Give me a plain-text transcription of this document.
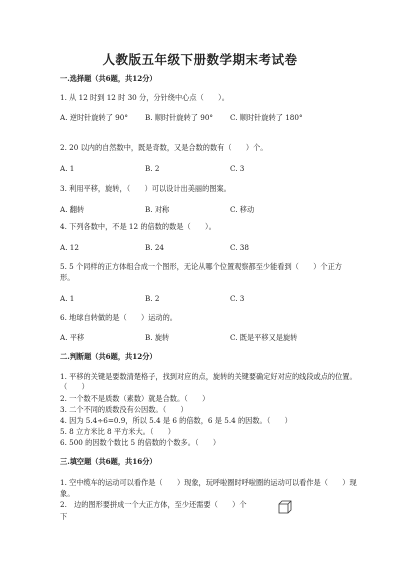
人教版五年级下册数学期末考试卷
一.选择题（共6题，共12分）
1. 从 12 时到 12 时 30 分，分针绕中心点（　　）。
A. 逆时针旋转了 90° B. 顺时针旋转了 90° C. 顺时针旋转了 180°
2. 20 以内的自然数中，既是奇数，又是合数的数有（　　）个。
A. 1	B. 2	C. 3
3. 利用平移，旋转，（　　）可以设计出美丽的图案。
A. 翻转	B. 对称	C. 移动
4. 下列各数中，不是 12 的倍数的数是（　　）。
A. 12	B. 24	C. 38
5. 5 个同样的正方体组合成一个图形，无论从哪个位置观察都至少能看到（　　）个正方形。
A. 1	B. 2	C. 3
6. 地球自转做的是（　　）运动的。
A. 平移	B. 旋转	C. 既是平移又是旋转
二.判断题（共6题，共12分）
1. 平移的关键是要数清楚格子，找到对应的点，旋转的关键要确定好对应的线段或点的位置。（　　）
2. 一个数不是质数（素数）就是合数。（　　）
3. 二个不同的质数没有公因数。（　　）
4. 因为 5.4÷6=0.9，所以 5.4 是 6 的倍数，6 是 5.4 的因数。（　　）
5. 8 立方米比 8 平方米大。（　　）
6. 500 的因数个数比 5 的倍数的个数多。（　　）
三.填空题（共6题，共16分）
1. 空中缆车的运动可以看作是（　　）现象，玩呼啦圈时呼啦圈的运动可以看作是（　　）现象。
2.　边的图形要拼成一个大正方体，至少还需要（　　）个
下
